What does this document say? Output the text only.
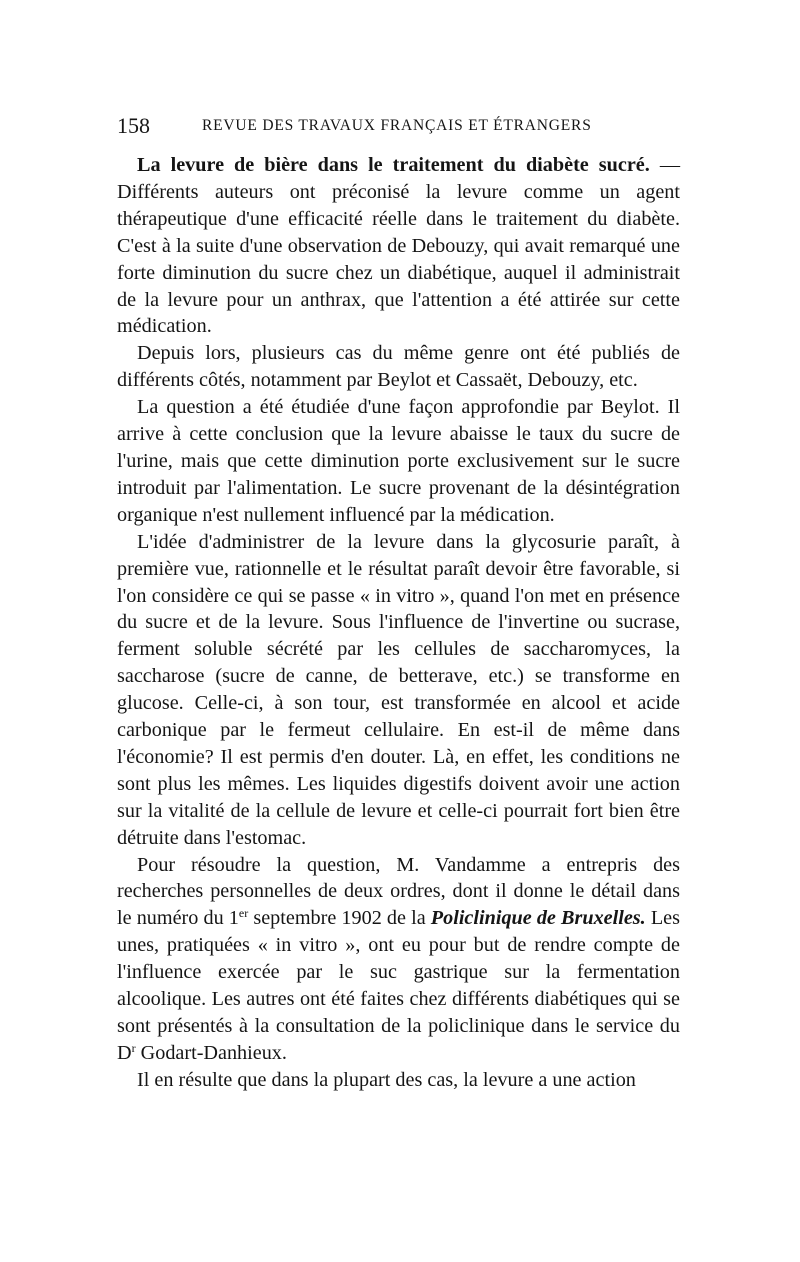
158	REVUE DES TRAVAUX FRANÇAIS ET ÉTRANGERS

La levure de bière dans le traitement du diabète sucré. — Différents auteurs ont préconisé la levure comme un agent thérapeutique d'une efficacité réelle dans le traitement du diabète. C'est à la suite d'une observation de Debouzy, qui avait remarqué une forte diminution du sucre chez un diabétique, auquel il administrait de la levure pour un anthrax, que l'attention a été attirée sur cette médication.

Depuis lors, plusieurs cas du même genre ont été publiés de différents côtés, notamment par Beylot et Cassaët, Debouzy, etc.

La question a été étudiée d'une façon approfondie par Beylot. Il arrive à cette conclusion que la levure abaisse le taux du sucre de l'urine, mais que cette diminution porte exclusivement sur le sucre introduit par l'alimentation. Le sucre provenant de la désintégration organique n'est nullement influencé par la médication.

L'idée d'administrer de la levure dans la glycosurie paraît, à première vue, rationnelle et le résultat paraît devoir être favorable, si l'on considère ce qui se passe « in vitro », quand l'on met en présence du sucre et de la levure. Sous l'influence de l'invertine ou sucrase, ferment soluble sécrété par les cellules de saccharomyces, la saccharose (sucre de canne, de betterave, etc.) se transforme en glucose. Celle-ci, à son tour, est transformée en alcool et acide carbonique par le fermeut cellulaire. En est-il de même dans l'économie? Il est permis d'en douter. Là, en effet, les conditions ne sont plus les mêmes. Les liquides digestifs doivent avoir une action sur la vitalité de la cellule de levure et celle-ci pourrait fort bien être détruite dans l'estomac.

Pour résoudre la question, M. Vandamme a entrepris des recherches personnelles de deux ordres, dont il donne le détail dans le numéro du 1er septembre 1902 de la Policlinique de Bruxelles. Les unes, pratiquées « in vitro », ont eu pour but de rendre compte de l'influence exercée par le suc gastrique sur la fermentation alcoolique. Les autres ont été faites chez différents diabétiques qui se sont présentés à la consultation de la policlinique dans le service du $D^r$ Godart-Danhieux.

Il en résulte que dans la plupart des cas, la levure a une action
